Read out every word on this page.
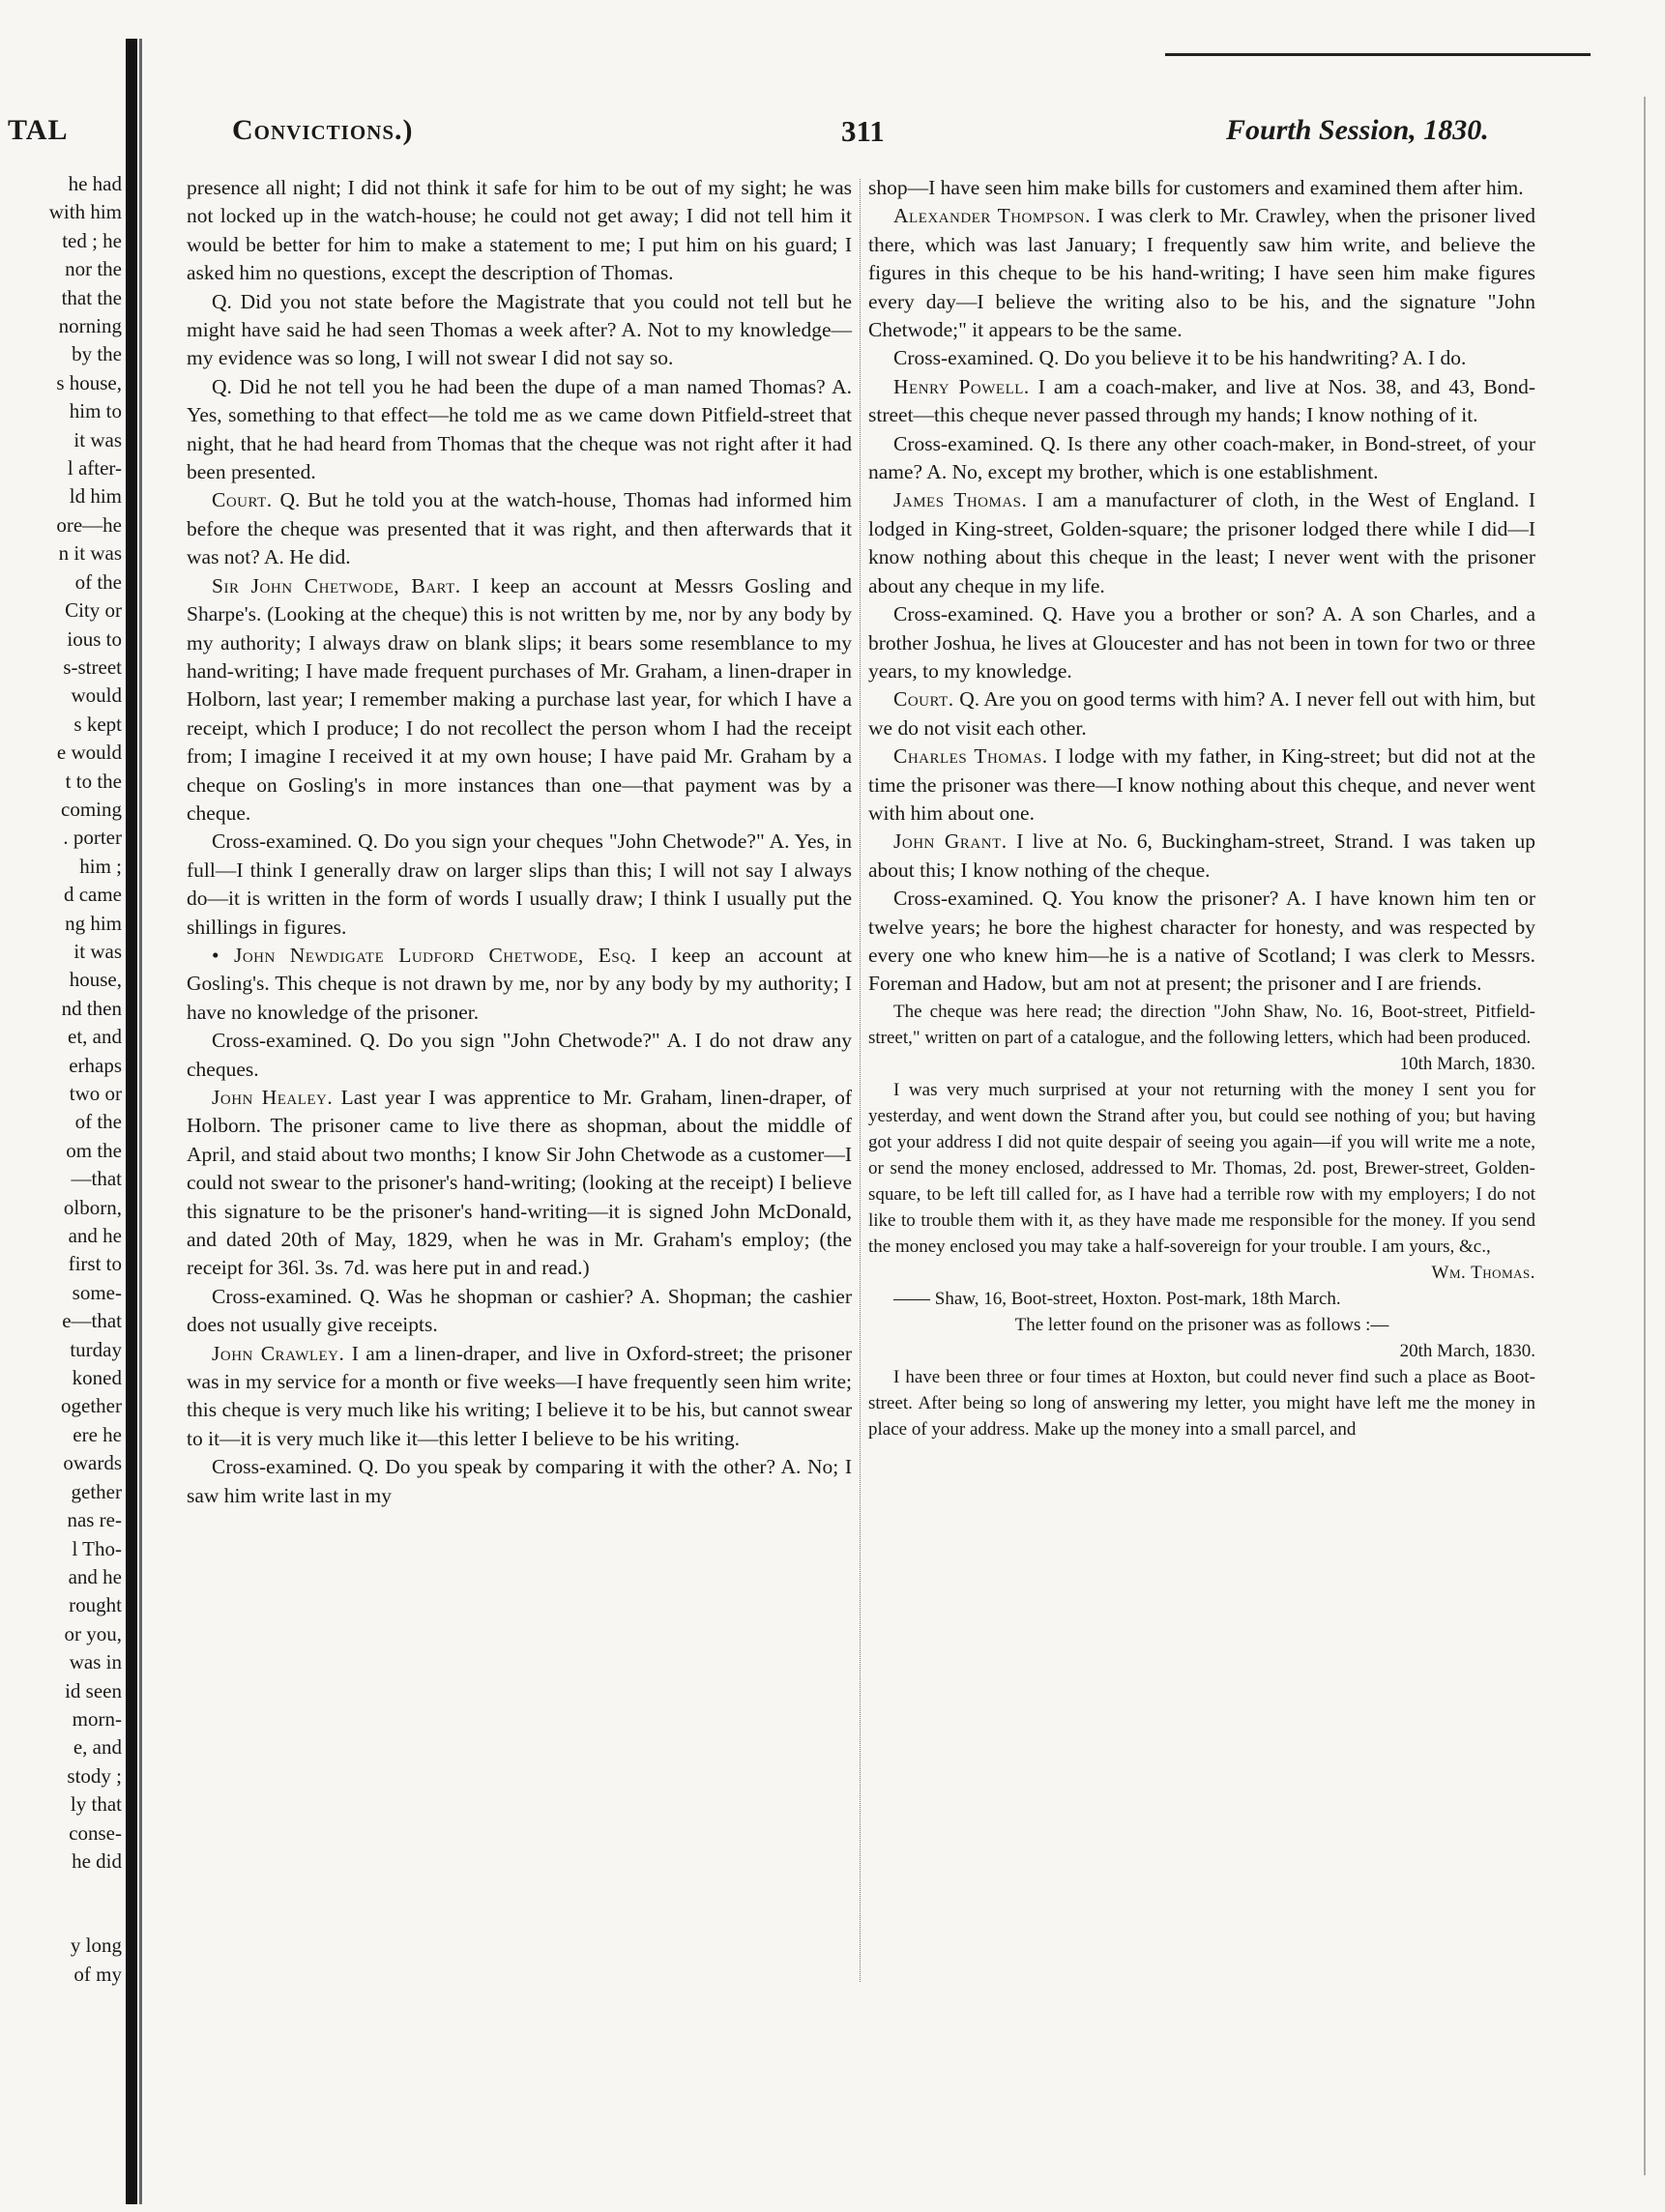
TAL	Convictions.)	311	Fourth Session, 1830.
he had
with him
ted ; he
nor the
that the
norning
by the
s house,
him to
it was
l after-
ld him
ore—he
n it was
of the
City or
ious to
s-street
would
s kept
e would
t to the
coming
. porter
him ;
d came
ng him
it was
house,
nd then
et, and
erhaps
two or
of the
om the
—that
olborn,
and he
first to
some-
e—that
turday
koned
ogether
ere he
owards
gether
nas re-
l Tho-
and he
rought
or you,
was in
id seen
morn-
e, and
stody ;
ly that
conse-
he did
y long
of my

presence all night; I did not think it safe for him to be out of my sight; he was not locked up in the watch-house; he could not get away; I did not tell him it would be better for him to make a statement to me; I put him on his guard; I asked him no questions, except the description of Thomas.

Q. Did you not state before the Magistrate that you could not tell but he might have said he had seen Thomas a week after? A. Not to my knowledge—my evidence was so long, I will not swear I did not say so.

Q. Did he not tell you he had been the dupe of a man named Thomas? A. Yes, something to that effect—he told me as we came down Pitfield-street that night, that he had heard from Thomas that the cheque was not right after it had been presented.

Court. Q. But he told you at the watch-house, Thomas had informed him before the cheque was presented that it was right, and then afterwards that it was not? A. He did.

Sir John Chetwode, Bart. I keep an account at Messrs Gosling and Sharpe's. (Looking at the cheque) this is not written by me, nor by any body by my authority; I always draw on blank slips; it bears some resemblance to my hand-writing; I have made frequent purchases of Mr. Graham, a linen-draper in Holborn, last year; I remember making a purchase last year, for which I have a receipt, which I produce; I do not recollect the person whom I had the receipt from; I imagine I received it at my own house; I have paid Mr. Graham by a cheque on Gosling's in more instances than one—that payment was by a cheque.

Cross-examined. Q. Do you sign your cheques "John Chetwode?" A. Yes, in full—I think I generally draw on larger slips than this; I will not say I always do—it is written in the form of words I usually draw; I think I usually put the shillings in figures.

• John Newdigate Ludford Chetwode, Esq. I keep an account at Gosling's. This cheque is not drawn by me, nor by any body by my authority; I have no knowledge of the prisoner.

Cross-examined. Q. Do you sign "John Chetwode?" A. I do not draw any cheques.

John Healey. Last year I was apprentice to Mr. Graham, linen-draper, of Holborn. The prisoner came to live there as shopman, about the middle of April, and staid about two months; I know Sir John Chetwode as a customer—I could not swear to the prisoner's hand-writing; (looking at the receipt) I believe this signature to be the prisoner's hand-writing—it is signed John McDonald, and dated 20th of May, 1829, when he was in Mr. Graham's employ; (the receipt for 36l. 3s. 7d. was here put in and read.)

Cross-examined. Q. Was he shopman or cashier? A. Shopman; the cashier does not usually give receipts.

John Crawley. I am a linen-draper, and live in Oxford-street; the prisoner was in my service for a month or five weeks—I have frequently seen him write; this cheque is very much like his writing; I believe it to be his, but cannot swear to it—it is very much like it—this letter I believe to be his writing.

Cross-examined. Q. Do you speak by comparing it with the other? A. No; I saw him write last in my

shop—I have seen him make bills for customers and examined them after him.

Alexander Thompson. I was clerk to Mr. Crawley, when the prisoner lived there, which was last January; I frequently saw him write, and believe the figures in this cheque to be his hand-writing; I have seen him make figures every day—I believe the writing also to be his, and the signature "John Chetwode;" it appears to be the same.

Cross-examined. Q. Do you believe it to be his handwriting? A. I do.

Henry Powell. I am a coach-maker, and live at Nos. 38, and 43, Bond-street—this cheque never passed through my hands; I know nothing of it.

Cross-examined. Q. Is there any other coach-maker, in Bond-street, of your name? A. No, except my brother, which is one establishment.

James Thomas. I am a manufacturer of cloth, in the West of England. I lodged in King-street, Golden-square; the prisoner lodged there while I did—I know nothing about this cheque in the least; I never went with the prisoner about any cheque in my life.

Cross-examined. Q. Have you a brother or son? A. A son Charles, and a brother Joshua, he lives at Gloucester and has not been in town for two or three years, to my knowledge.

Court. Q. Are you on good terms with him? A. I never fell out with him, but we do not visit each other.

Charles Thomas. I lodge with my father, in King-street; but did not at the time the prisoner was there—I know nothing about this cheque, and never went with him about one.

John Grant. I live at No. 6, Buckingham-street, Strand. I was taken up about this; I know nothing of the cheque.

Cross-examined. Q. You know the prisoner? A. I have known him ten or twelve years; he bore the highest character for honesty, and was respected by every one who knew him—he is a native of Scotland; I was clerk to Messrs. Foreman and Hadow, but am not at present; the prisoner and I are friends.

The cheque was here read; the direction "John Shaw, No. 16, Boot-street, Pitfield-street," written on part of a catalogue, and the following letters, which had been produced.

10th March, 1830.

I was very much surprised at your not returning with the money I sent you for yesterday, and went down the Strand after you, but could see nothing of you; but having got your address I did not quite despair of seeing you again—if you will write me a note, or send the money enclosed, addressed to Mr. Thomas, 2d. post, Brewer-street, Golden-square, to be left till called for, as I have had a terrible row with my employers; I do not like to trouble them with it, as they have made me responsible for the money. If you send the money enclosed you may take a half-sovereign for your trouble. I am yours, &c.,

Wm. Thomas.

—— Shaw, 16, Boot-street, Hoxton. Post-mark, 18th March.

The letter found on the prisoner was as follows :—

20th March, 1830.

I have been three or four times at Hoxton, but could never find such a place as Boot-street. After being so long of answering my letter, you might have left me the money in place of your address. Make up the money into a small parcel, and
